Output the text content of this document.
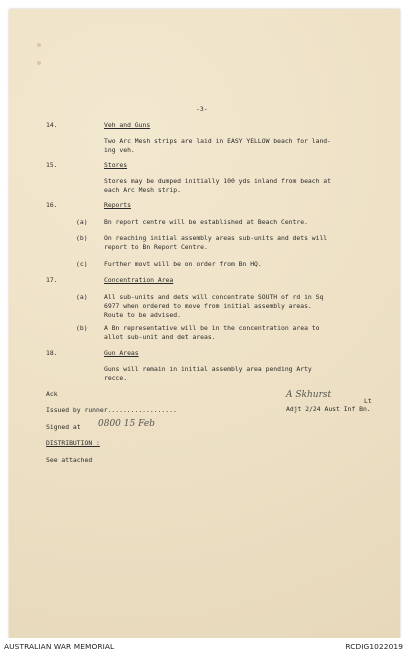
-3-
14.	Veh and Guns
Two Arc Mesh strips are laid in EASY YELLOW beach for land-
ing veh.
15.	Stores
Stores may be dumped initially 100 yds inland from beach at
each Arc Mesh strip.
16.	Reports
(a)	Bn report centre will be established at Beach Centre.
(b)	On reaching initial assembly areas sub-units and dets will
report to Bn Report Centre.
(c)	Further movt will be on order from Bn HQ.
17.	Concentration Area
(a)	All sub-units and dets will concentrate SOUTH of rd in Sq
6977 when ordered to move from initial assembly areas.
Route to be advised.
(b)	A Bn representative will be in the concentration area to
allot sub-unit and det areas.
18.	Gun Areas
Guns will remain in initial assembly area pending Arty
recce.
Ack	A Skhurst
Lt
Issued by runner..................	Adjt 2/24 Aust Inf Bn.
Signed at 0800 15 Feb
DISTRIBUTION :
See attached
AUSTRALIAN WAR MEMORIAL	RCDIG1022019
